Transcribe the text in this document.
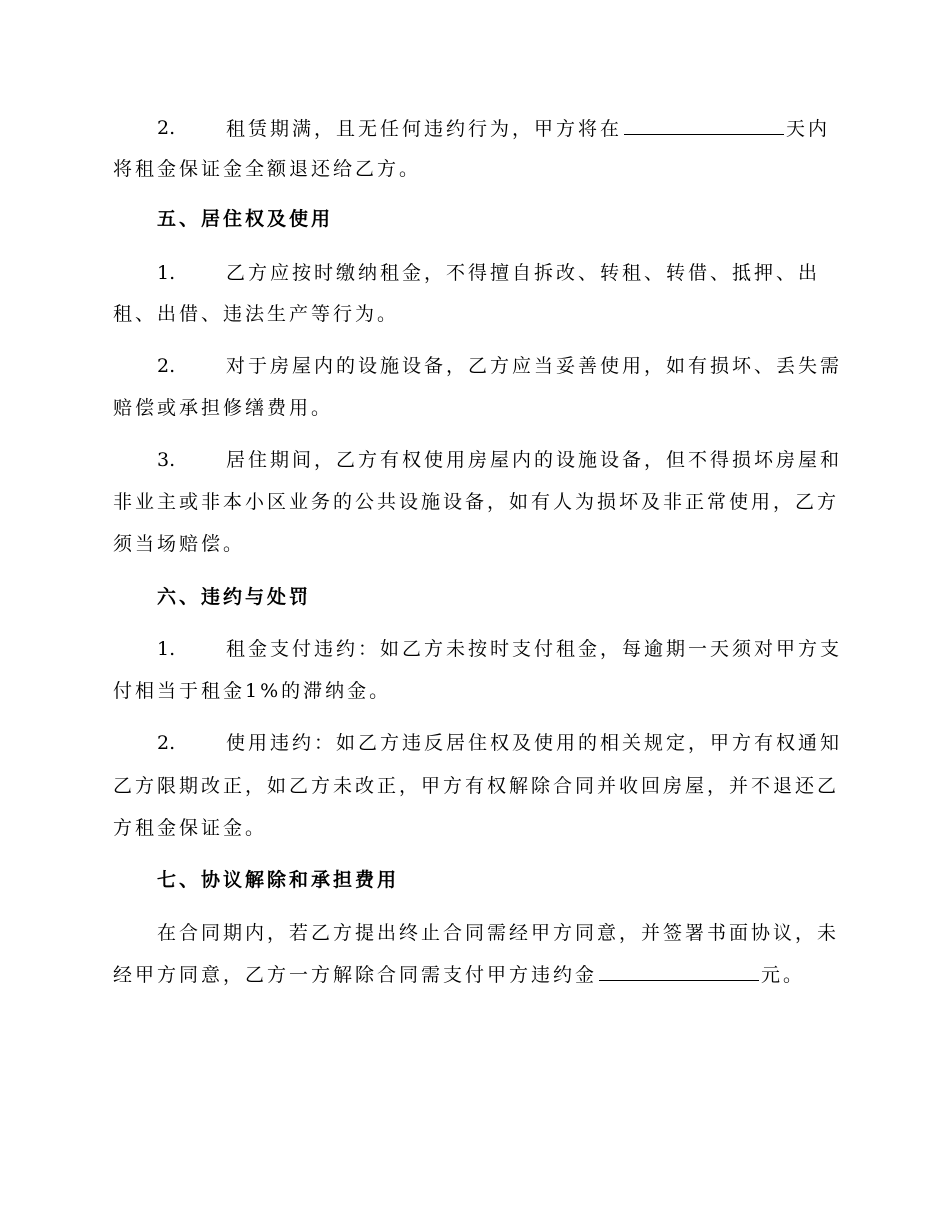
2.	租赁期满，且无任何违约行为，甲方将在	天内
将租金保证金全额退还给乙方。
五、居住权及使用
1.	乙方应按时缴纳租金，不得擅自拆改、转租、转借、抵押、出
租、出借、违法生产等行为。
2.	对于房屋内的设施设备，乙方应当妥善使用，如有损坏、丢失需
赔偿或承担修缮费用。
3.	居住期间，乙方有权使用房屋内的设施设备，但不得损坏房屋和
非业主或非本小区业务的公共设施设备，如有人为损坏及非正常使用，乙方
须当场赔偿。
六、违约与处罚
1.	租金支付违约：如乙方未按时支付租金，每逾期一天须对甲方支
付相当于租金1%的滞纳金。
2.	使用违约：如乙方违反居住权及使用的相关规定，甲方有权通知
乙方限期改正，如乙方未改正，甲方有权解除合同并收回房屋，并不退还乙
方租金保证金。
七、协议解除和承担费用
在合同期内，若乙方提出终止合同需经甲方同意，并签署书面协议，未
经甲方同意，乙方一方解除合同需支付甲方违约金	元。
